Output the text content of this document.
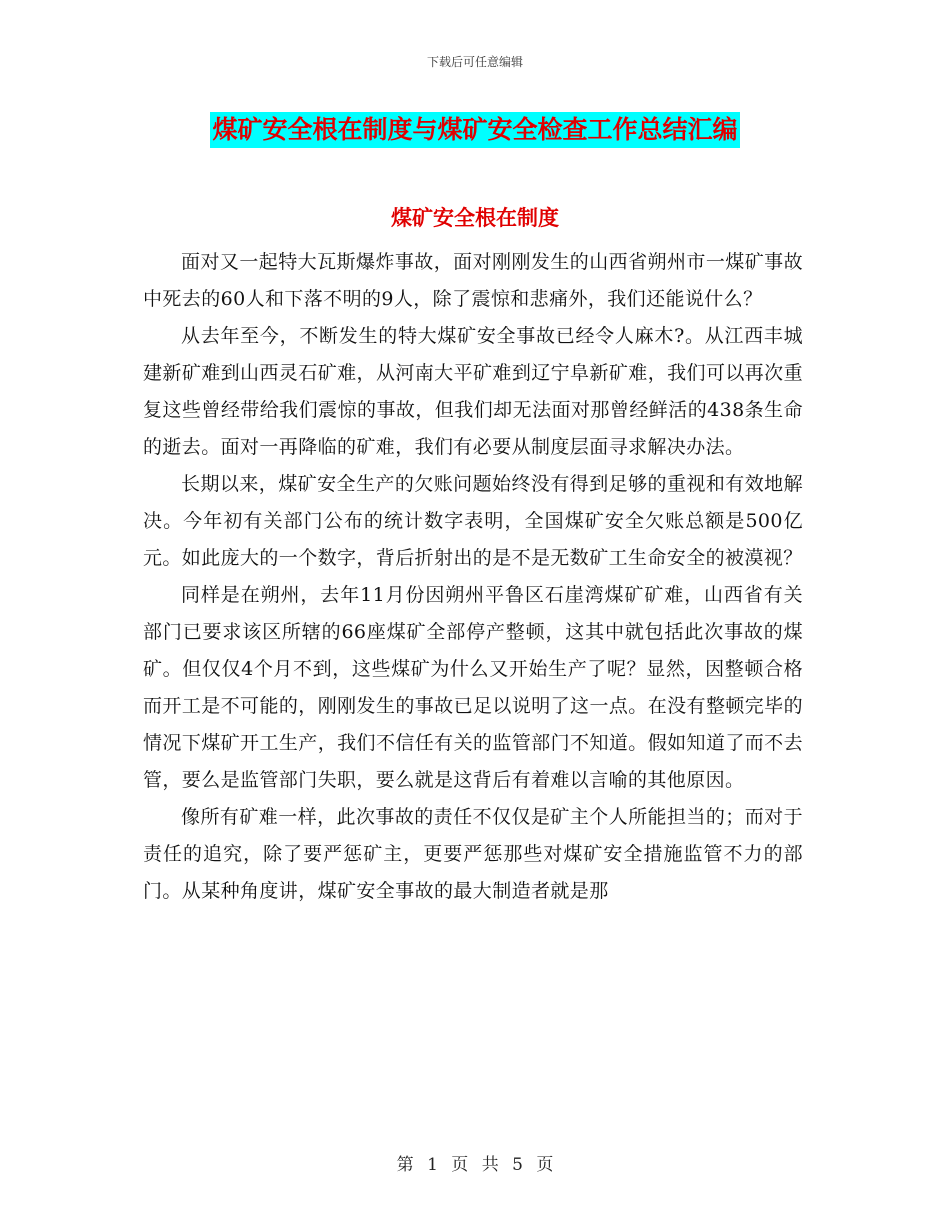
下载后可任意编辑
煤矿安全根在制度与煤矿安全检查工作总结汇编
煤矿安全根在制度

面对又一起特大瓦斯爆炸事故，面对刚刚发生的山西省朔州市一煤矿事故中死去的60人和下落不明的9人，除了震惊和悲痛外，我们还能说什么？

从去年至今，不断发生的特大煤矿安全事故已经令人麻木?。从江西丰城建新矿难到山西灵石矿难，从河南大平矿难到辽宁阜新矿难，我们可以再次重复这些曾经带给我们震惊的事故，但我们却无法面对那曾经鲜活的438条生命的逝去。面对一再降临的矿难，我们有必要从制度层面寻求解决办法。

长期以来，煤矿安全生产的欠账问题始终没有得到足够的重视和有效地解决。今年初有关部门公布的统计数字表明，全国煤矿安全欠账总额是500亿元。如此庞大的一个数字，背后折射出的是不是无数矿工生命安全的被漠视？

同样是在朔州，去年11月份因朔州平鲁区石崖湾煤矿矿难，山西省有关部门已要求该区所辖的66座煤矿全部停产整顿，这其中就包括此次事故的煤矿。但仅仅4个月不到，这些煤矿为什么又开始生产了呢？显然，因整顿合格而开工是不可能的，刚刚发生的事故已足以说明了这一点。在没有整顿完毕的情况下煤矿开工生产，我们不信任有关的监管部门不知道。假如知道了而不去管，要么是监管部门失职，要么就是这背后有着难以言喻的其他原因。

像所有矿难一样，此次事故的责任不仅仅是矿主个人所能担当的；而对于责任的追究，除了要严惩矿主，更要严惩那些对煤矿安全措施监管不力的部门。从某种角度讲，煤矿安全事故的最大制造者就是那

第 1 页 共 5 页
